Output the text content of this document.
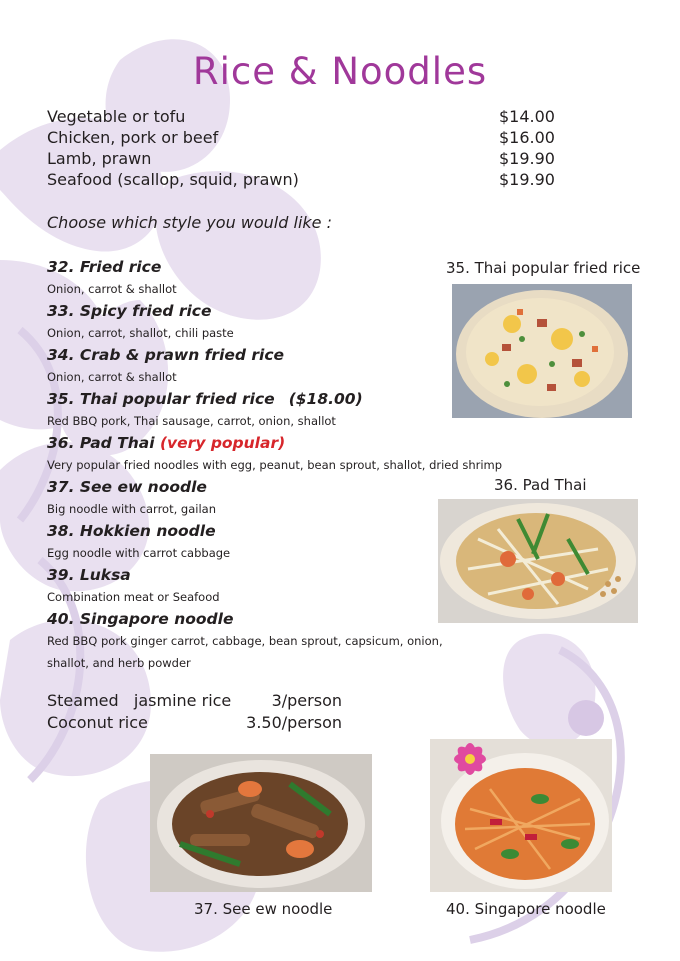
Rice & Noodles
Vegetable or tofu	$14.00
Chicken, pork or beef	$16.00
Lamb, prawn	$19.90
Seafood (scallop, squid, prawn)	$19.90
Choose which style you would like :
32. Fried rice
Onion, carrot & shallot
33. Spicy fried rice
Onion, carrot, shallot, chili paste
34. Crab & prawn fried rice
Onion, carrot & shallot
35. Thai popular fried rice ($18.00)
Red BBQ pork, Thai sausage, carrot, onion, shallot
36. Pad Thai (very popular)
Very popular fried noodles with egg, peanut, bean sprout, shallot, dried shrimp
37. See ew noodle
Big noodle with carrot, gailan
38. Hokkien noodle
Egg noodle with carrot cabbage
39. Luksa
Combination meat or Seafood
40. Singapore noodle
Red BBQ pork ginger carrot, cabbage, bean sprout, capsicum, onion, shallot, and herb powder
Steamed   jasmine rice	3/person
Coconut rice	3.50/person
35. Thai popular fried rice
36. Pad Thai
37. See ew noodle	40. Singapore noodle
